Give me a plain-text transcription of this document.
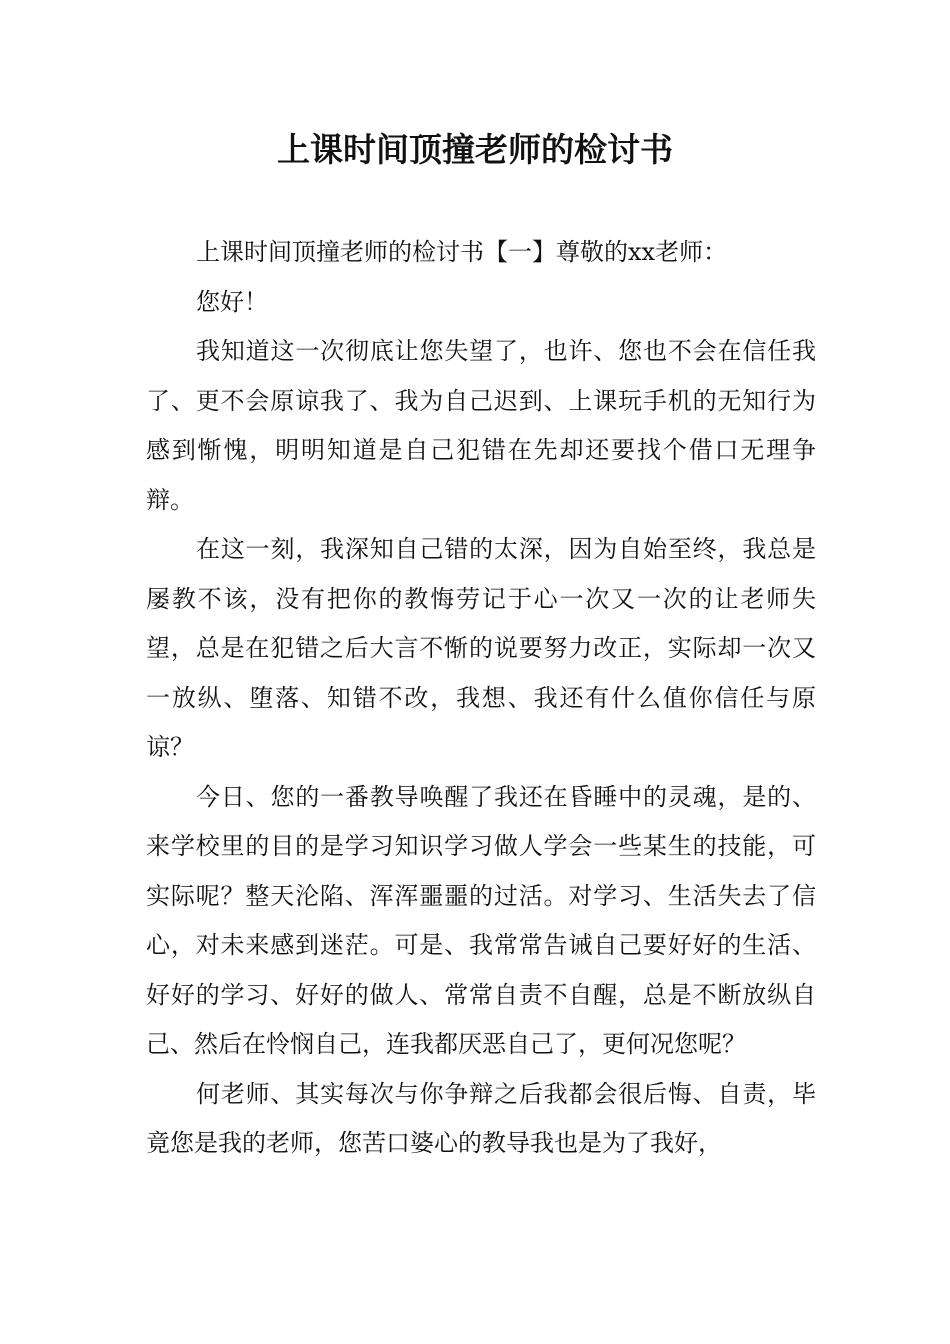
上课时间顶撞老师的检讨书

上课时间顶撞老师的检讨书【一】尊敬的xx老师：

您好！

我知道这一次彻底让您失望了，也许、您也不会在信任我了、更不会原谅我了、我为自己迟到、上课玩手机的无知行为感到惭愧，明明知道是自己犯错在先却还要找个借口无理争辩。

在这一刻，我深知自己错的太深，因为自始至终，我总是屡教不该，没有把你的教悔劳记于心一次又一次的让老师失望，总是在犯错之后大言不惭的说要努力改正，实际却一次又一放纵、堕落、知错不改，我想、我还有什么值你信任与原谅？

今日、您的一番教导唤醒了我还在昏睡中的灵魂，是的、来学校里的目的是学习知识学习做人学会一些某生的技能，可实际呢？整天沦陷、浑浑噩噩的过活。对学习、生活失去了信心，对未来感到迷茫。可是、我常常告诫自己要好好的生活、好好的学习、好好的做人、常常自责不自醒，总是不断放纵自己、然后在怜悯自己，连我都厌恶自己了，更何况您呢？

何老师、其实每次与你争辩之后我都会很后悔、自责，毕竟您是我的老师，您苦口婆心的教导我也是为了我好，
